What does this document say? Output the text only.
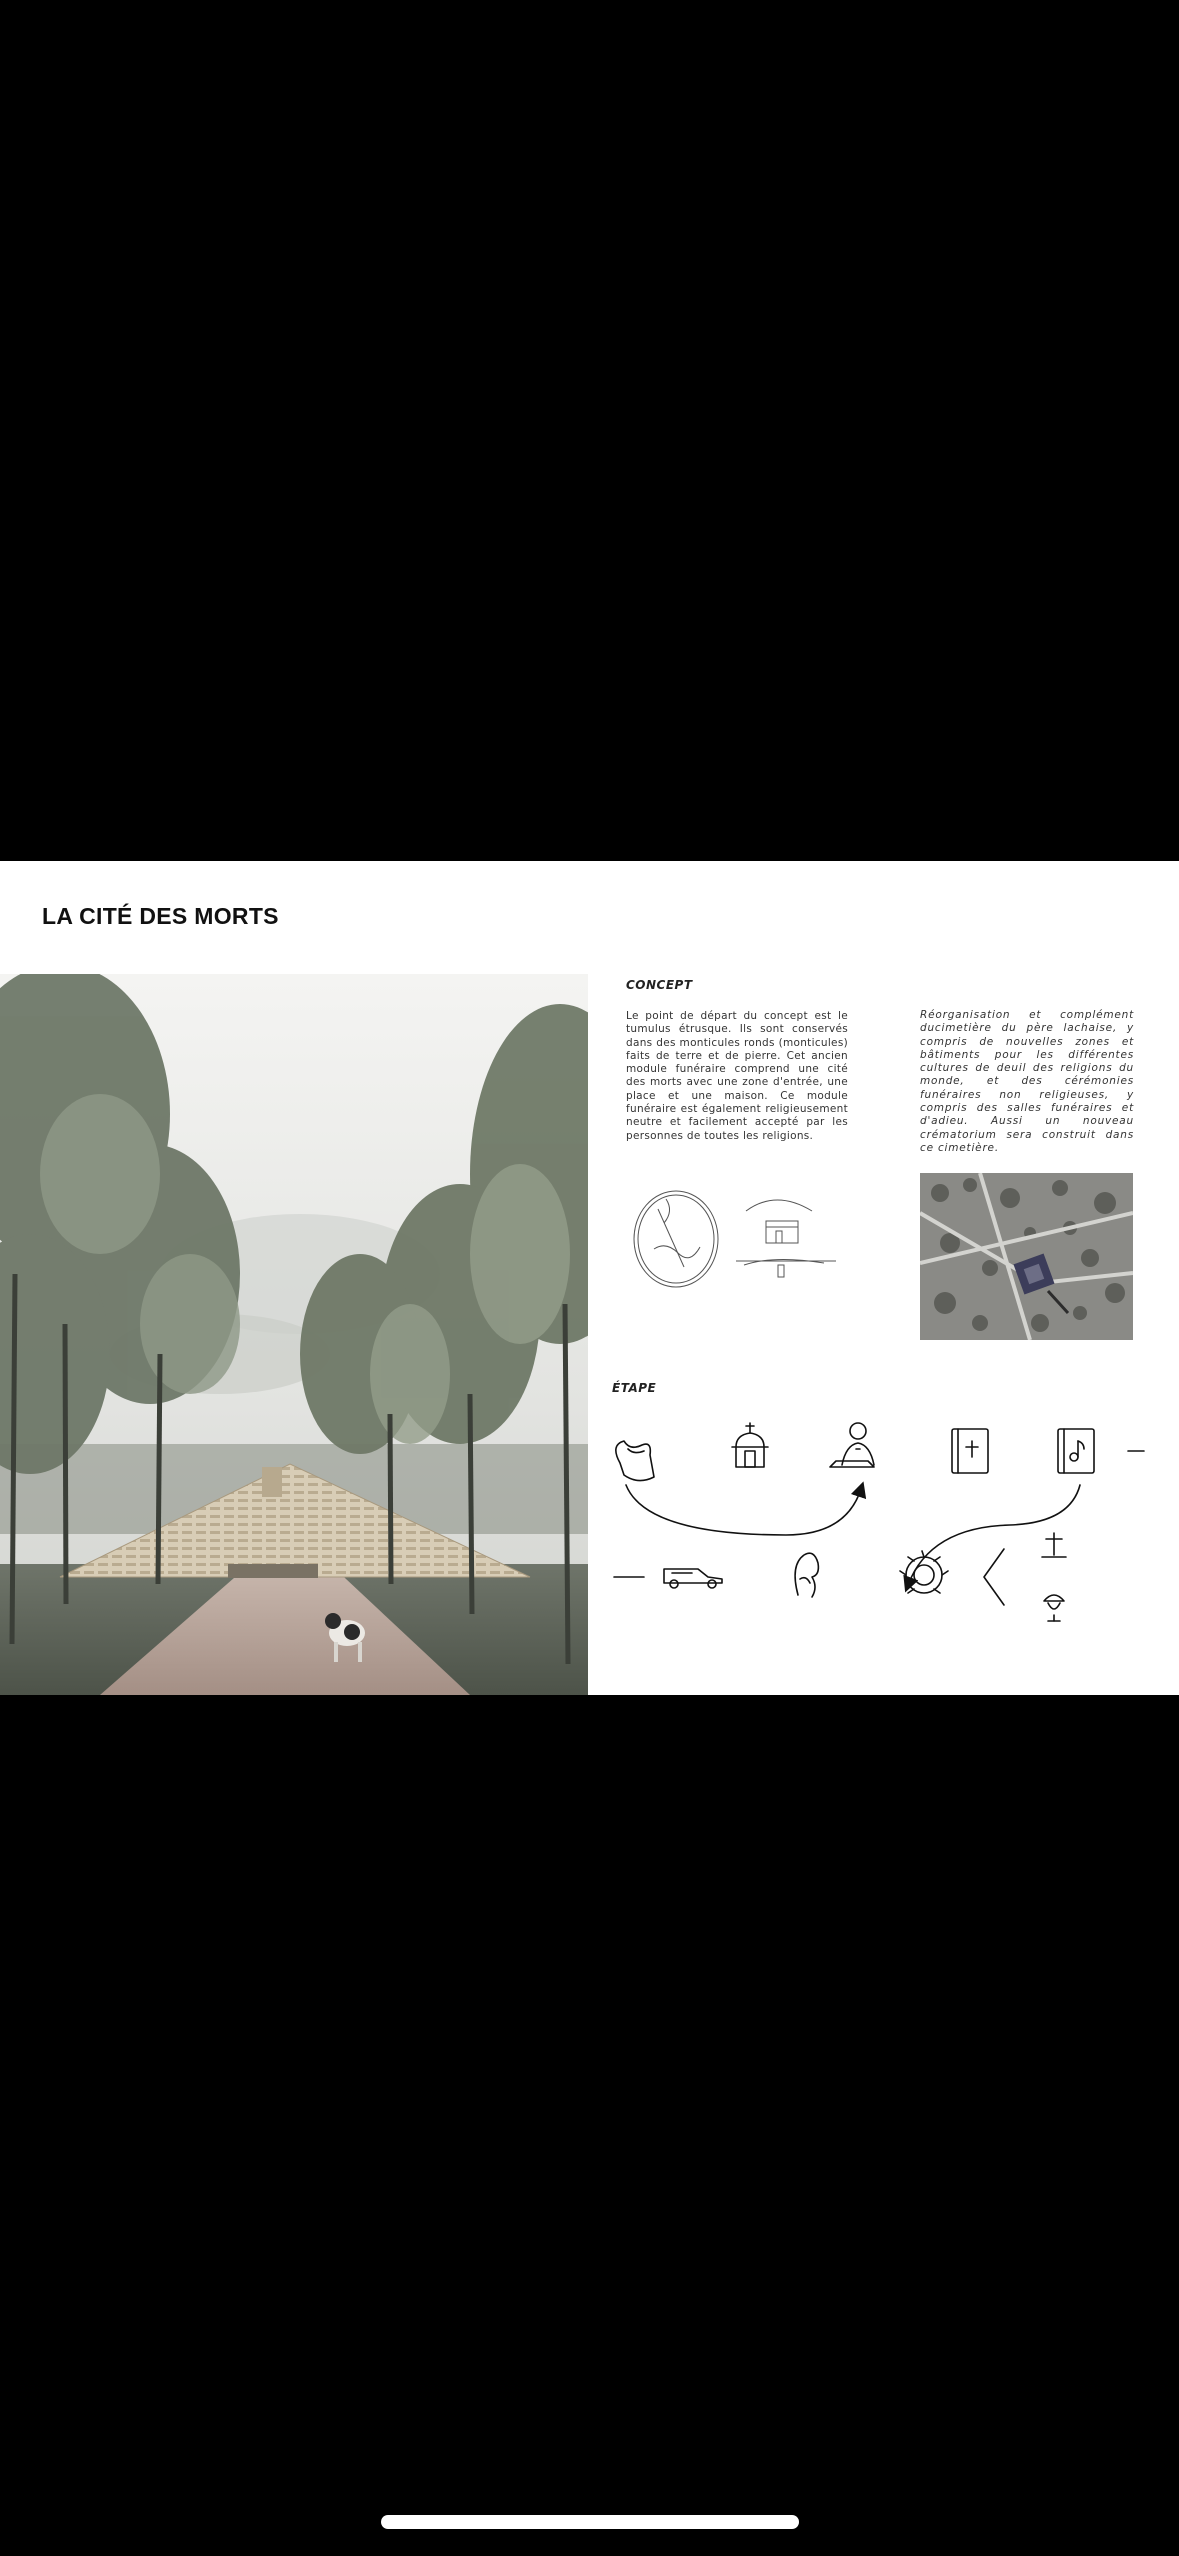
LA CITÉ DES MORTS
CONCEPT

Le point de départ du concept est le tumulus étrusque. Ils sont conservés dans des monticules ronds (monticules) faits de terre et de pierre. Cet ancien module funéraire comprend une cité des morts avec une zone d'entrée, une place et une maison. Ce module funéraire est également religieusement neutre et facilement accepté par les personnes de toutes les religions.

Réorganisation et complément ducimetière du père lachaise, y compris de nouvelles zones et bâtiments pour les différentes cultures de deuil des religions du monde, et des cérémonies funéraires non religieuses, y compris des salles funéraires et d'adieu. Aussi un nouveau crématorium sera construit dans ce cimetière.

ÉTAPE
